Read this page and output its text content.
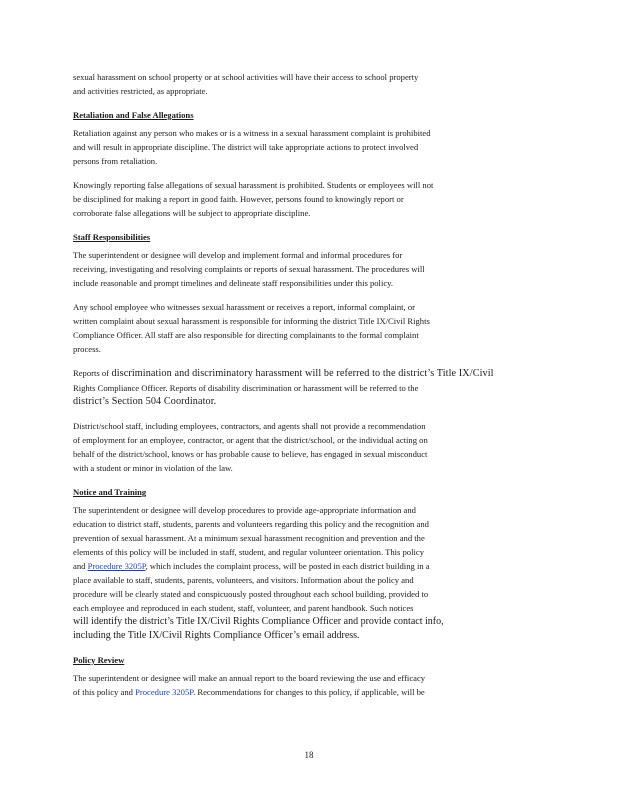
sexual harassment on school property or at school activities will have their access to school property

and activities restricted, as appropriate.

Retaliation and False Allegations

Retaliation against any person who makes or is a witness in a sexual harassment complaint is prohibited

and will result in appropriate discipline. The district will take appropriate actions to protect involved

persons from retaliation.

Knowingly reporting false allegations of sexual harassment is prohibited. Students or employees will not

be disciplined for making a report in good faith. However, persons found to knowingly report or

corroborate false allegations will be subject to appropriate discipline.

Staff Responsibilities

The superintendent or designee will develop and implement formal and informal procedures for

receiving, investigating and resolving complaints or reports of sexual harassment. The procedures will

include reasonable and prompt timelines and delineate staff responsibilities under this policy.

Any school employee who witnesses sexual harassment or receives a report, informal complaint, or

written complaint about sexual harassment is responsible for informing the district Title IX/Civil Rights

Compliance Officer. All staff are also responsible for directing complainants to the formal complaint

process.

Reports of discrimination and discriminatory harassment will be referred to the district’s Title IX/Civil

Rights Compliance Officer. Reports of disability discrimination or harassment will be referred to the

district’s Section 504 Coordinator.

District/school staff, including employees, contractors, and agents shall not provide a recommendation

of employment for an employee, contractor, or agent that the district/school, or the individual acting on

behalf of the district/school, knows or has probable cause to believe, has engaged in sexual misconduct

with a student or minor in violation of the law.

Notice and Training

The superintendent or designee will develop procedures to provide age-appropriate information and

education to district staff, students, parents and volunteers regarding this policy and the recognition and

prevention of sexual harassment. At a minimum sexual harassment recognition and prevention and the

elements of this policy will be included in staff, student, and regular volunteer orientation. This policy

and Procedure 3205P, which includes the complaint process, will be posted in each district building in a

place available to staff, students, parents, volunteers, and visitors. Information about the policy and

procedure will be clearly stated and conspicuously posted throughout each school building, provided to

each employee and reproduced in each student, staff, volunteer, and parent handbook. Such notices

will identify the district’s Title IX/Civil Rights Compliance Officer and provide contact info,

including the Title IX/Civil Rights Compliance Officer’s email address.

Policy Review

The superintendent or designee will make an annual report to the board reviewing the use and efficacy

of this policy and Procedure 3205P. Recommendations for changes to this policy, if applicable, will be

18
